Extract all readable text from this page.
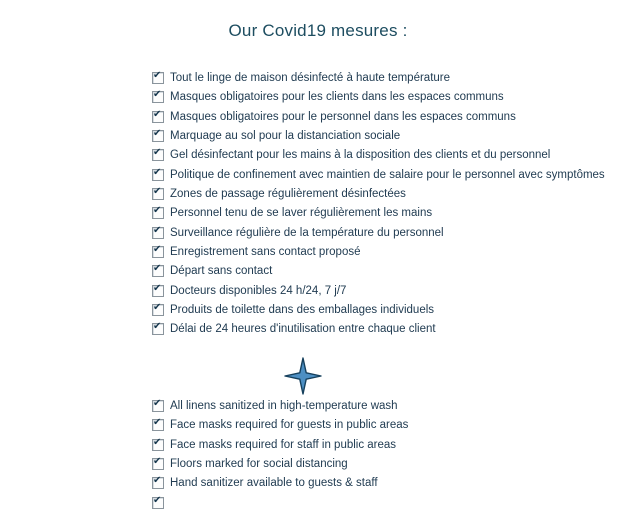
Our Covid19 mesures :
✔ Tout le linge de maison désinfecté à haute température
✔ Masques obligatoires pour les clients dans les espaces communs
✔ Masques obligatoires pour le personnel dans les espaces communs
✔ Marquage au sol pour la distanciation sociale
✔ Gel désinfectant pour les mains à la disposition des clients et du personnel
✔ Politique de confinement avec maintien de salaire pour le personnel avec symptômes
✔ Zones de passage régulièrement désinfectées
✔ Personnel tenu de se laver régulièrement les mains
✔ Surveillance régulière de la température du personnel
✔ Enregistrement sans contact proposé
✔ Départ sans contact
✔ Docteurs disponibles 24 h/24, 7 j/7
✔ Produits de toilette dans des emballages individuels
✔ Délai de 24 heures d'inutilisation entre chaque client
✔ All linens sanitized in high-temperature wash
✔ Face masks required for guests in public areas
✔ Face masks required for staff in public areas
✔ Floors marked for social distancing
✔ Hand sanitizer available to guests & staff
✔
